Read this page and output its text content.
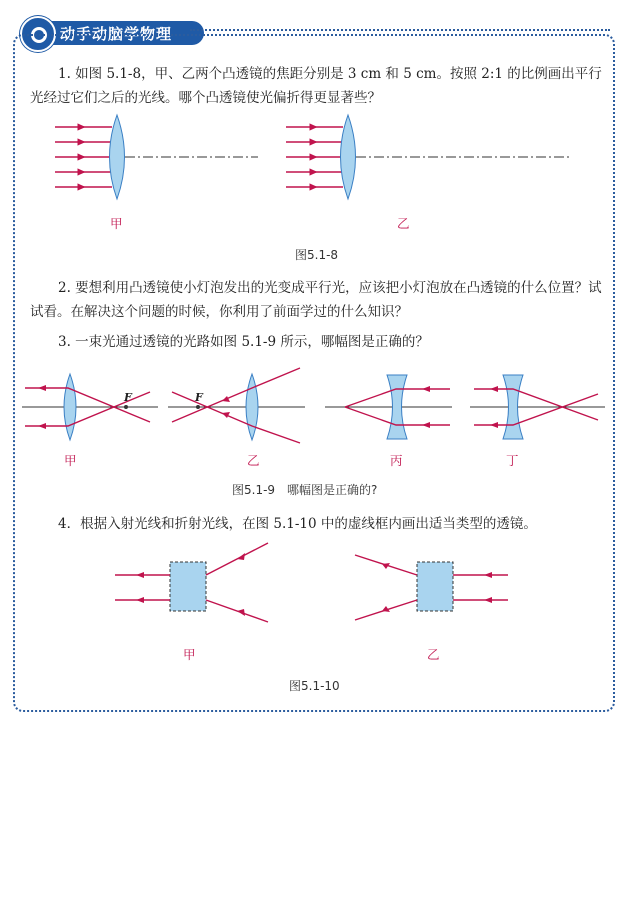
动手动脑学物理
1. 如图 5.1-8，甲、乙两个凸透镜的焦距分别是 3 cm 和 5 cm。按照 2:1 的比例画出平行光经过它们之后的光线。哪个凸透镜使光偏折得更显著些？
2. 要想利用凸透镜使小灯泡发出的光变成平行光，应该把小灯泡放在凸透镜的什么位置？试试看。在解决这个问题的时候，你利用了前面学过的什么知识？
3. 一束光通过透镜的光路如图 5.1-9 所示，哪幅图是正确的？
4．根据入射光线和折射光线，在图 5.1-10 中的虚线框内画出适当类型的透镜。
F	F
甲	乙
图5.1-8
甲	乙	丙	丁
图5.1-9　哪幅图是正确的?
甲	乙
图5.1-10
